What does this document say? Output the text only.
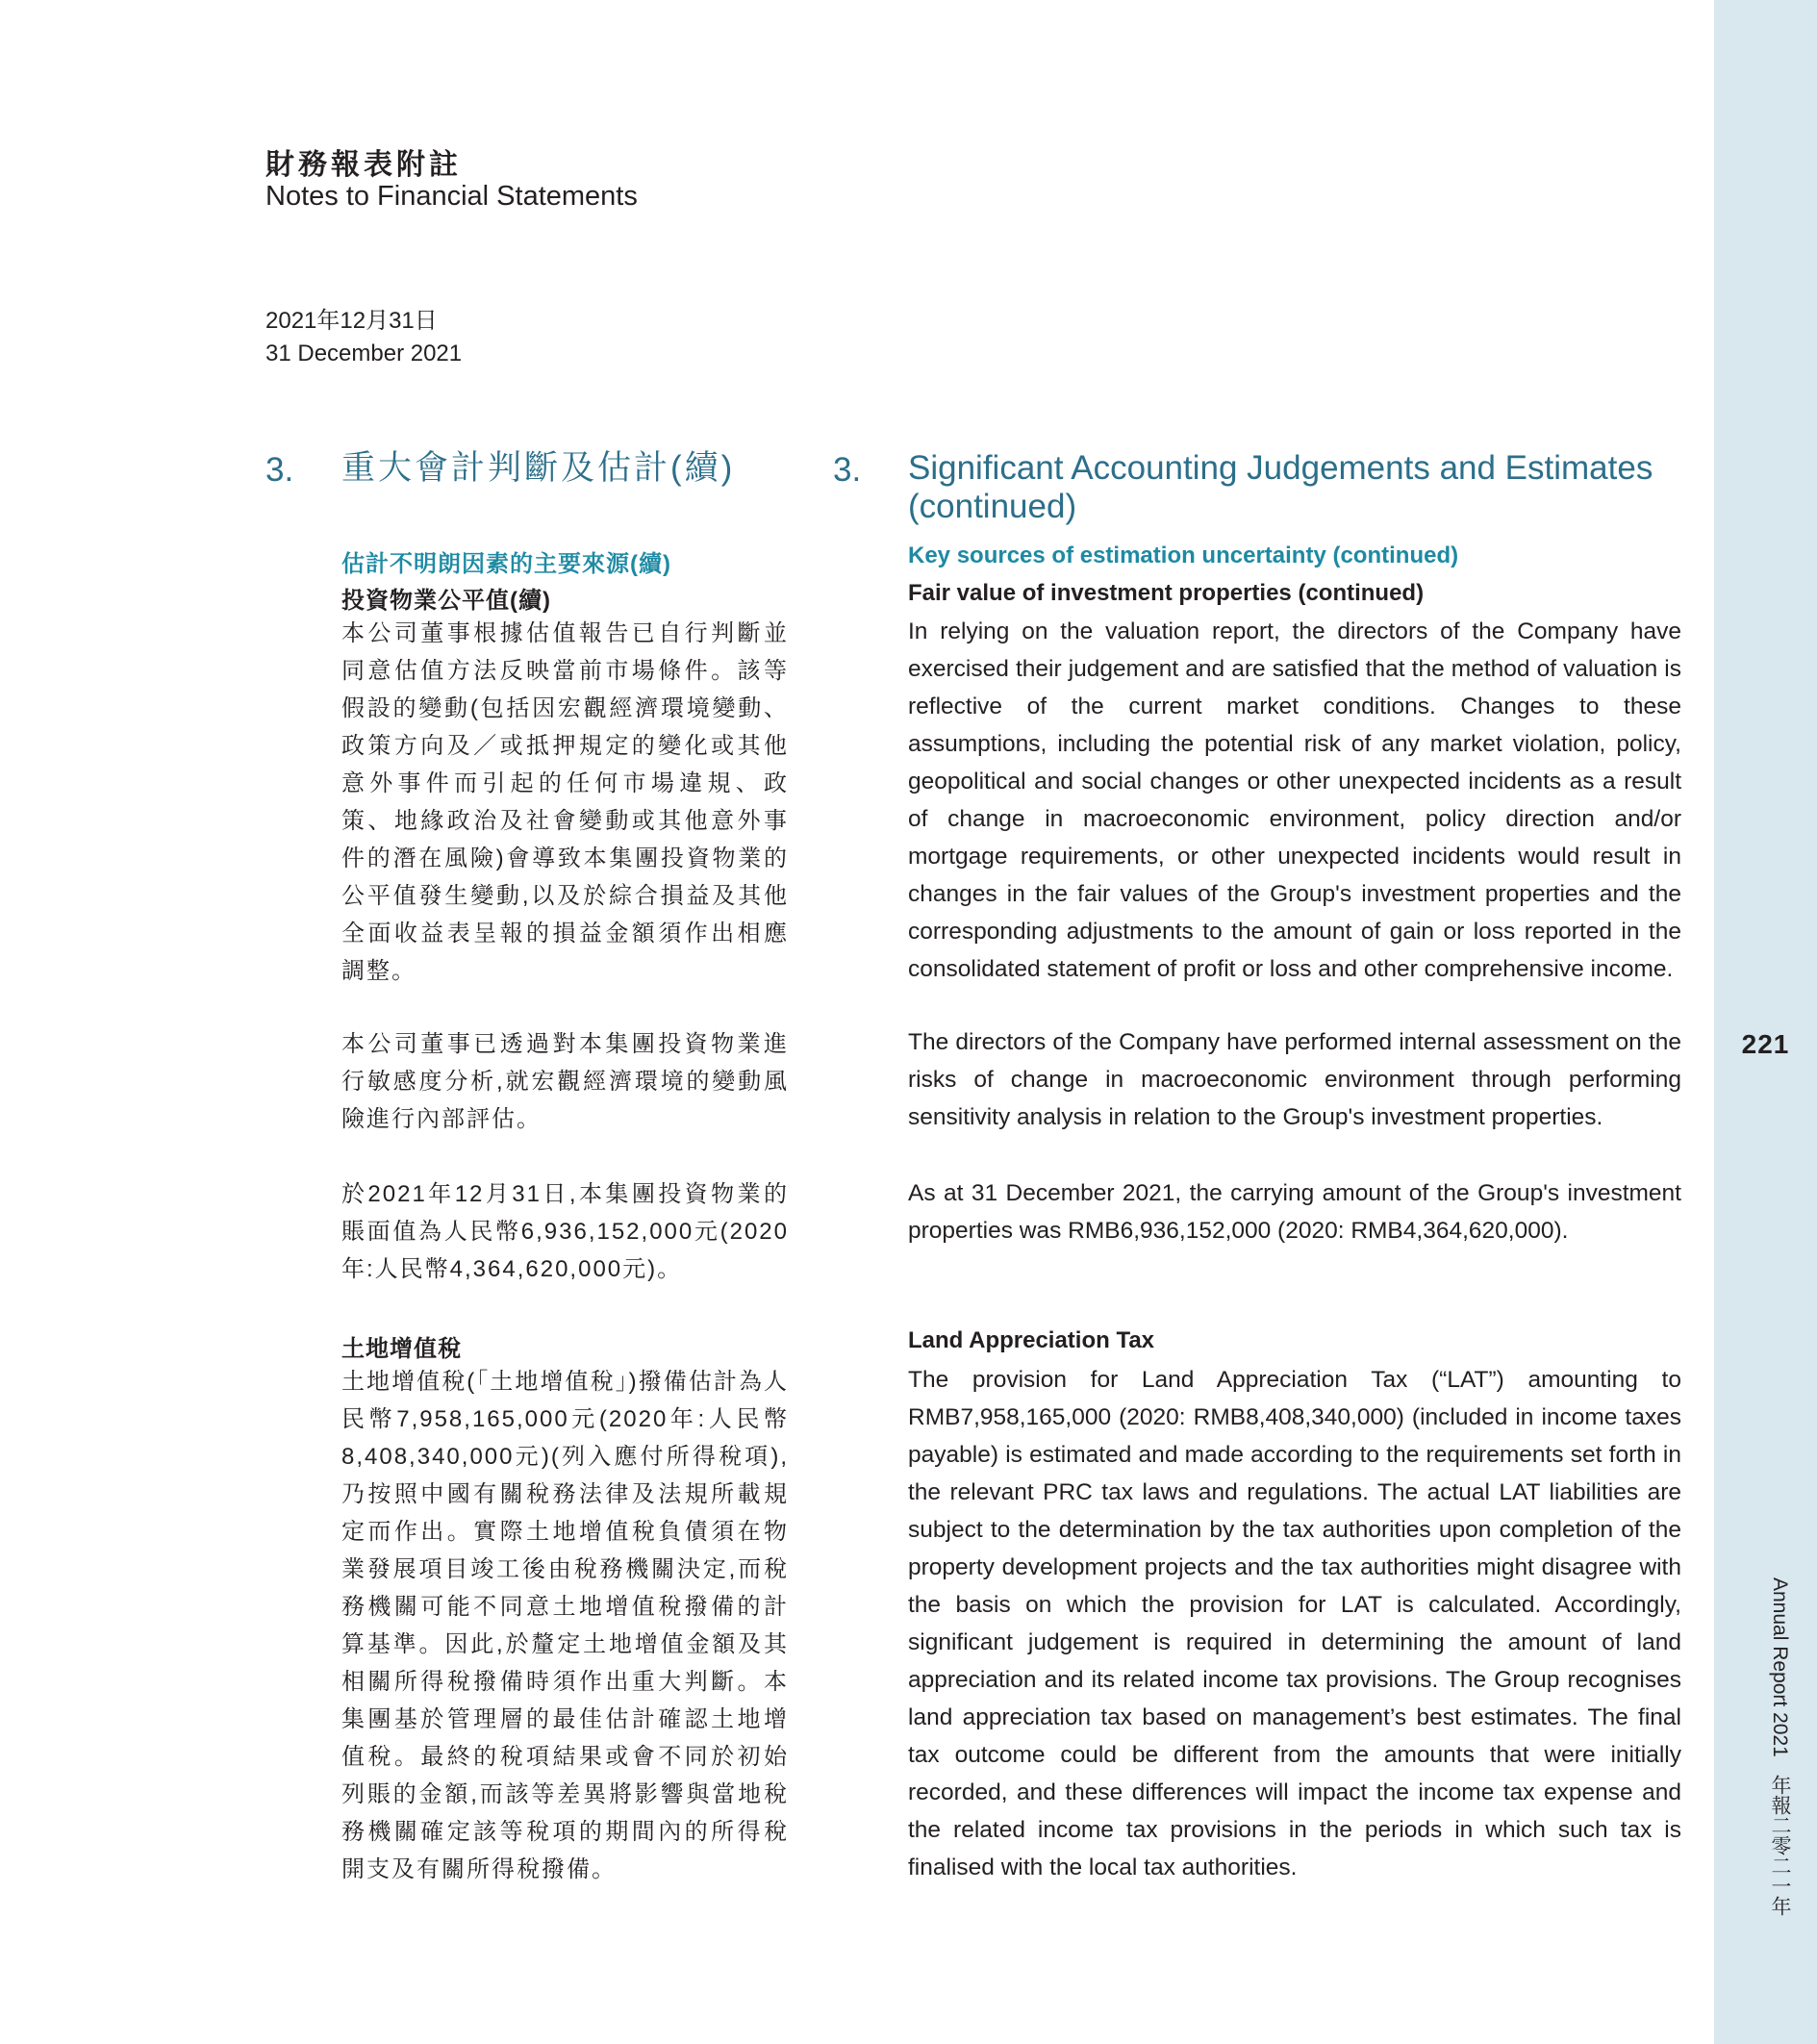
財務報表附註
Notes to Financial Statements
2021年12月31日
31 December 2021
3. 重大會計判斷及估計(續)	3. Significant Accounting Judgements and Estimates
(continued)
估計不明朗因素的主要來源(續)
投資物業公平值(續)
本公司董事根據估值報告已自行判斷並同意估值方法反映當前市場條件。該等假設的變動(包括因宏觀經濟環境變動、政策方向及／或抵押規定的變化或其他意外事件而引起的任何市場違規、政策、地緣政治及社會變動或其他意外事件的潛在風險)會導致本集團投資物業的公平值發生變動,以及於綜合損益及其他全面收益表呈報的損益金額須作出相應調整。
本公司董事已透過對本集團投資物業進行敏感度分析,就宏觀經濟環境的變動風險進行內部評估。
於2021年12月31日,本集團投資物業的賬面值為人民幣6,936,152,000元(2020年:人民幣4,364,620,000元)。
土地增值稅
土地增值稅(「土地增值稅」)撥備估計為人民幣7,958,165,000元(2020年:人民幣8,408,340,000元)(列入應付所得稅項),乃按照中國有關稅務法律及法規所載規定而作出。實際土地增值稅負債須在物業發展項目竣工後由稅務機關決定,而稅務機關可能不同意土地增值稅撥備的計算基準。因此,於釐定土地增值金額及其相關所得稅撥備時須作出重大判斷。本集團基於管理層的最佳估計確認土地增值稅。最終的稅項結果或會不同於初始列賬的金額,而該等差異將影響與當地稅務機關確定該等稅項的期間內的所得稅開支及有關所得稅撥備。
Key sources of estimation uncertainty (continued)
Fair value of investment properties (continued)
In relying on the valuation report, the directors of the Company have exercised their judgement and are satisfied that the method of valuation is reflective of the current market conditions. Changes to these assumptions, including the potential risk of any market violation, policy, geopolitical and social changes or other unexpected incidents as a result of change in macroeconomic environment, policy direction and/or mortgage requirements, or other unexpected incidents would result in changes in the fair values of the Group's investment properties and the corresponding adjustments to the amount of gain or loss reported in the consolidated statement of profit or loss and other comprehensive income.
The directors of the Company have performed internal assessment on the risks of change in macroeconomic environment through performing sensitivity analysis in relation to the Group's investment properties.
As at 31 December 2021, the carrying amount of the Group's investment properties was RMB6,936,152,000 (2020: RMB4,364,620,000).
Land Appreciation Tax
The provision for Land Appreciation Tax (“LAT”) amounting to RMB7,958,165,000 (2020: RMB8,408,340,000) (included in income taxes payable) is estimated and made according to the requirements set forth in the relevant PRC tax laws and regulations. The actual LAT liabilities are subject to the determination by the tax authorities upon completion of the property development projects and the tax authorities might disagree with the basis on which the provision for LAT is calculated. Accordingly, significant judgement is required in determining the amount of land appreciation and its related income tax provisions. The Group recognises land appreciation tax based on management’s best estimates. The final tax outcome could be different from the amounts that were initially recorded, and these differences will impact the income tax expense and the related income tax provisions in the periods in which such tax is finalised with the local tax authorities.
221
Annual Report 2021年報二零二一年
